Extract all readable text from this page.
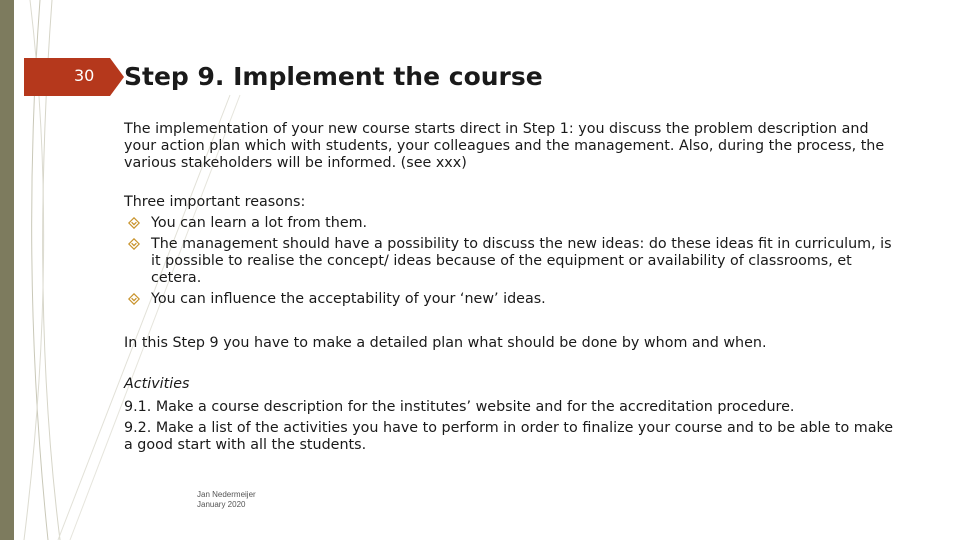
30 Step 9. Implement the course

The implementation of your new course starts direct in Step 1: you discuss the problem description and your action plan which with students, your colleagues and the management. Also, during the process, the various stakeholders will be informed. (see xxx)

Three important reasons:

You can learn a lot from them.
The management should have a possibility to discuss the new ideas: do these ideas fit in curriculum, is it possible to realise the concept/ ideas because of the equipment or availability of classrooms, et cetera.
You can influence the acceptability of your ‘new’ ideas.

In this Step 9 you have to make a detailed plan what should be done by whom and when.

Activities

9.1. Make a course description for the institutes’ website and for the accreditation procedure.

9.2. Make a list of the activities you have to perform in order to finalize your course and to be able to make a good start with all the students.

Jan Nedermeijer
January 2020
